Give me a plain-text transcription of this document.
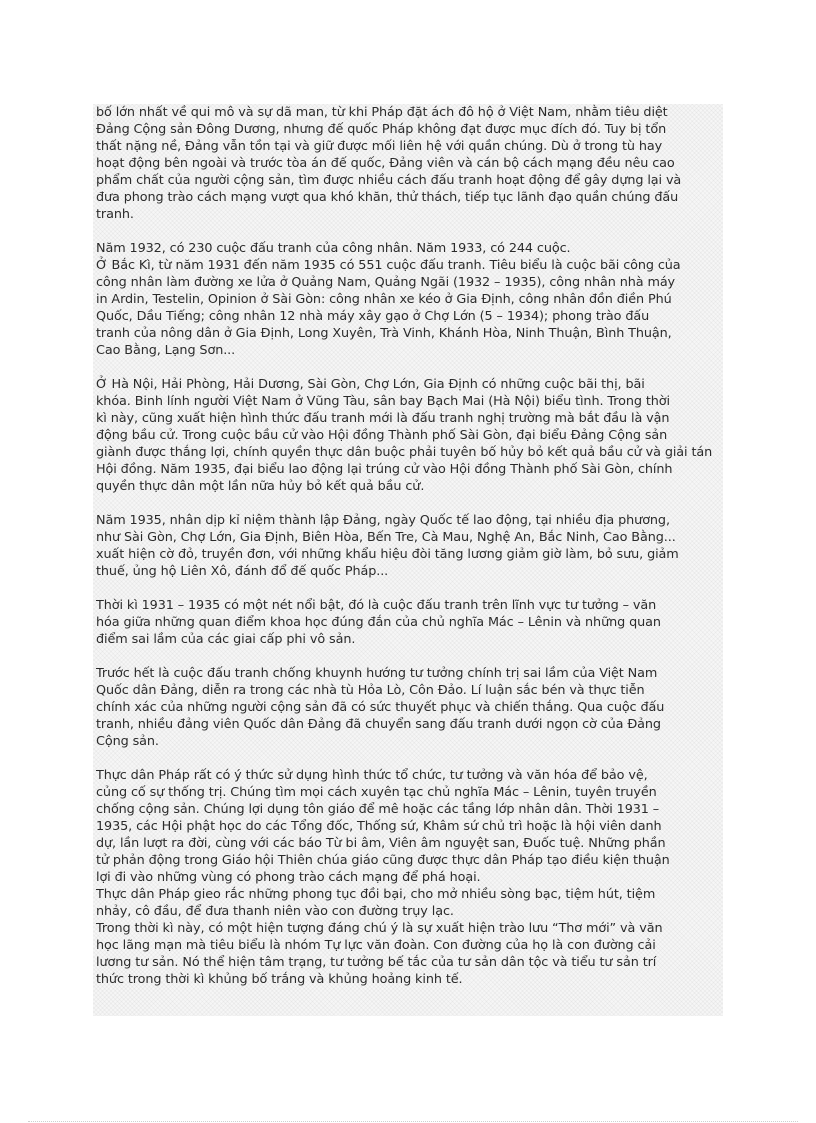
bố lớn nhất về qui mô và sự dã man, từ khi Pháp đặt ách đô hộ ở Việt Nam, nhằm tiêu diệt
Đảng Cộng sản Đông Dương, nhưng đế quốc Pháp không đạt được mục đích đó. Tuy bị tổn
thất nặng nề, Đảng vẫn tồn tại và giữ được mối liên hệ với quần chúng. Dù ở trong tù hay
hoạt động bên ngoài và trước tòa án đế quốc, Đảng viên và cán bộ cách mạng đều nêu cao
phẩm chất của người cộng sản, tìm được nhiều cách đấu tranh hoạt động để gây dựng lại và
đưa phong trào cách mạng vượt qua khó khăn, thử thách, tiếp tục lãnh đạo quần chúng đấu
tranh.

Năm 1932, có 230 cuộc đấu tranh của công nhân. Năm 1933, có 244 cuộc.
Ở Bắc Kì, từ năm 1931 đến năm 1935 có 551 cuộc đấu tranh. Tiêu biểu là cuộc bãi công của
công nhân làm đường xe lửa ở Quảng Nam, Quảng Ngãi (1932 – 1935), công nhân nhà máy
in Ardin, Testelin, Opinion ở Sài Gòn: công nhân xe kéo ở Gia Định, công nhân đồn điền Phú
Quốc, Dầu Tiếng; công nhân 12 nhà máy xây gạo ở Chợ Lớn (5 – 1934); phong trào đấu
tranh của nông dân ở Gia Định, Long Xuyên, Trà Vinh, Khánh Hòa, Ninh Thuận, Bình Thuận,
Cao Bằng, Lạng Sơn...

Ở Hà Nội, Hải Phòng, Hải Dương, Sài Gòn, Chợ Lớn, Gia Định có những cuộc bãi thị, bãi
khóa. Binh lính người Việt Nam ở Vũng Tàu, sân bay Bạch Mai (Hà Nội) biểu tình. Trong thời
kì này, cũng xuất hiện hình thức đấu tranh mới là đấu tranh nghị trường mà bắt đầu là vận
động bầu cử. Trong cuộc bầu cử vào Hội đồng Thành phố Sài Gòn, đại biểu Đảng Cộng sản
giành được thắng lợi, chính quyền thực dân buộc phải tuyên bố hủy bỏ kết quả bầu cử và giải tán
Hội đồng. Năm 1935, đại biểu lao động lại trúng cử vào Hội đồng Thành phố Sài Gòn, chính
quyền thực dân một lần nữa hủy bỏ kết quả bầu cử.

Năm 1935, nhân dịp kỉ niệm thành lập Đảng, ngày Quốc tế lao động, tại nhiều địa phương,
như Sài Gòn, Chợ Lớn, Gia Định, Biên Hòa, Bến Tre, Cà Mau, Nghệ An, Bắc Ninh, Cao Bằng...
xuất hiện cờ đỏ, truyền đơn, với những khẩu hiệu đòi tăng lương giảm giờ làm, bỏ sưu, giảm
thuế, ủng hộ Liên Xô, đánh đổ đế quốc Pháp...

Thời kì 1931 – 1935 có một nét nổi bật, đó là cuộc đấu tranh trên lĩnh vực tư tưởng – văn
hóa giữa những quan điểm khoa học đúng đắn của chủ nghĩa Mác – Lênin và những quan
điểm sai lầm của các giai cấp phi vô sản.

Trước hết là cuộc đấu tranh chống khuynh hướng tư tưởng chính trị sai lầm của Việt Nam
Quốc dân Đảng, diễn ra trong các nhà tù Hỏa Lò, Côn Đảo. Lí luận sắc bén và thực tiễn
chính xác của những người cộng sản đã có sức thuyết phục và chiến thắng. Qua cuộc đấu
tranh, nhiều đảng viên Quốc dân Đảng đã chuyển sang đấu tranh dưới ngọn cờ của Đảng
Cộng sản.

Thực dân Pháp rất có ý thức sử dụng hình thức tổ chức, tư tưởng và văn hóa để bảo vệ,
củng cố sự thống trị. Chúng tìm mọi cách xuyên tạc chủ nghĩa Mác – Lênin, tuyên truyền
chống cộng sản. Chúng lợi dụng tôn giáo để mê hoặc các tầng lớp nhân dân. Thời 1931 –
1935, các Hội phật học do các Tổng đốc, Thống sứ, Khâm sứ chủ trì hoặc là hội viên danh
dự, lần lượt ra đời, cùng với các báo Từ bi âm, Viên âm nguyệt san, Đuốc tuệ. Những phần
tử phản động trong Giáo hội Thiên chúa giáo cũng được thực dân Pháp tạo điều kiện thuận
lợi đi vào những vùng có phong trào cách mạng để phá hoại.
Thực dân Pháp gieo rắc những phong tục đồi bại, cho mở nhiều sòng bạc, tiệm hút, tiệm
nhảy, cô đầu, để đưa thanh niên vào con đường trụy lạc.
Trong thời kì này, có một hiện tượng đáng chú ý là sự xuất hiện trào lưu “Thơ mới” và văn
học lãng mạn mà tiêu biểu là nhóm Tự lực văn đoàn. Con đường của họ là con đường cải
lương tư sản. Nó thể hiện tâm trạng, tư tưởng bế tắc của tư sản dân tộc và tiểu tư sản trí
thức trong thời kì khủng bố trắng và khủng hoảng kinh tế.
